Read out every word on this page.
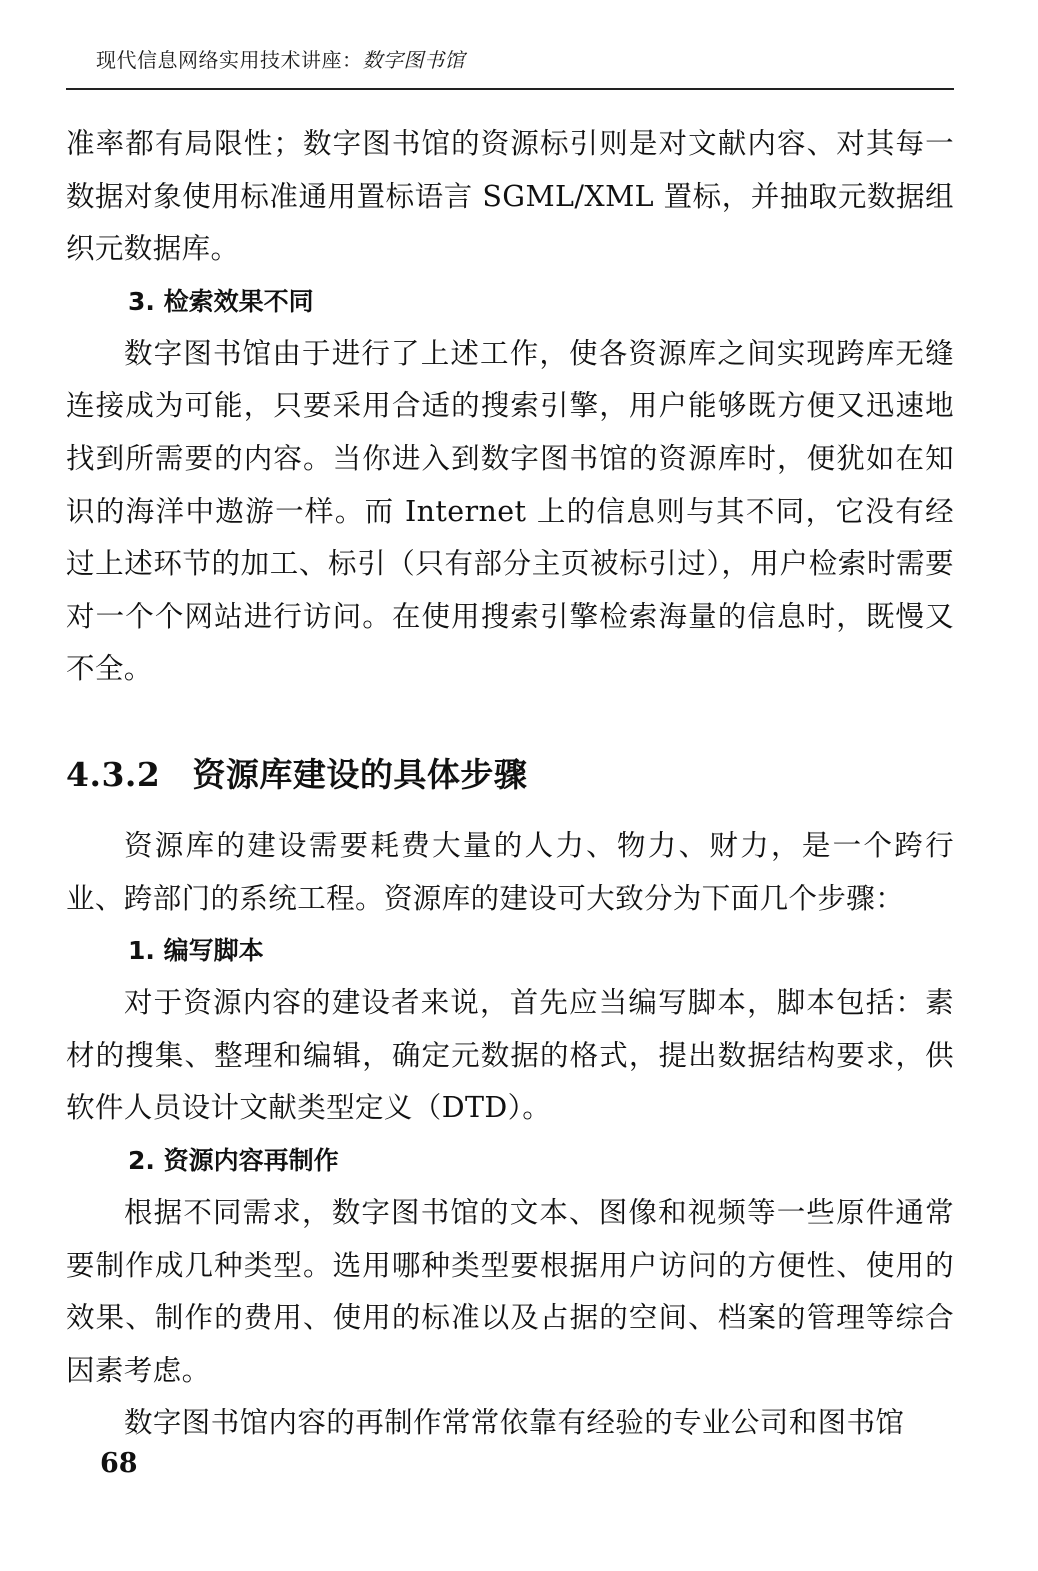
现代信息网络实用技术讲座：数字图书馆

准率都有局限性；数字图书馆的资源标引则是对文献内容、对其每一数据对象使用标准通用置标语言 SGML/XML 置标，并抽取元数据组织元数据库。

3. 检索效果不同

数字图书馆由于进行了上述工作，使各资源库之间实现跨库无缝连接成为可能，只要采用合适的搜索引擎，用户能够既方便又迅速地找到所需要的内容。当你进入到数字图书馆的资源库时，便犹如在知识的海洋中遨游一样。而 Internet 上的信息则与其不同，它没有经过上述环节的加工、标引（只有部分主页被标引过），用户检索时需要对一个个网站进行访问。在使用搜索引擎检索海量的信息时，既慢又不全。

4.3.2 资源库建设的具体步骤

资源库的建设需要耗费大量的人力、物力、财力，是一个跨行业、跨部门的系统工程。资源库的建设可大致分为下面几个步骤：

1. 编写脚本

对于资源内容的建设者来说，首先应当编写脚本，脚本包括：素材的搜集、整理和编辑，确定元数据的格式，提出数据结构要求，供软件人员设计文献类型定义（DTD）。

2. 资源内容再制作

根据不同需求，数字图书馆的文本、图像和视频等一些原件通常要制作成几种类型。选用哪种类型要根据用户访问的方便性、使用的效果、制作的费用、使用的标准以及占据的空间、档案的管理等综合因素考虑。

数字图书馆内容的再制作常常依靠有经验的专业公司和图书馆

68
